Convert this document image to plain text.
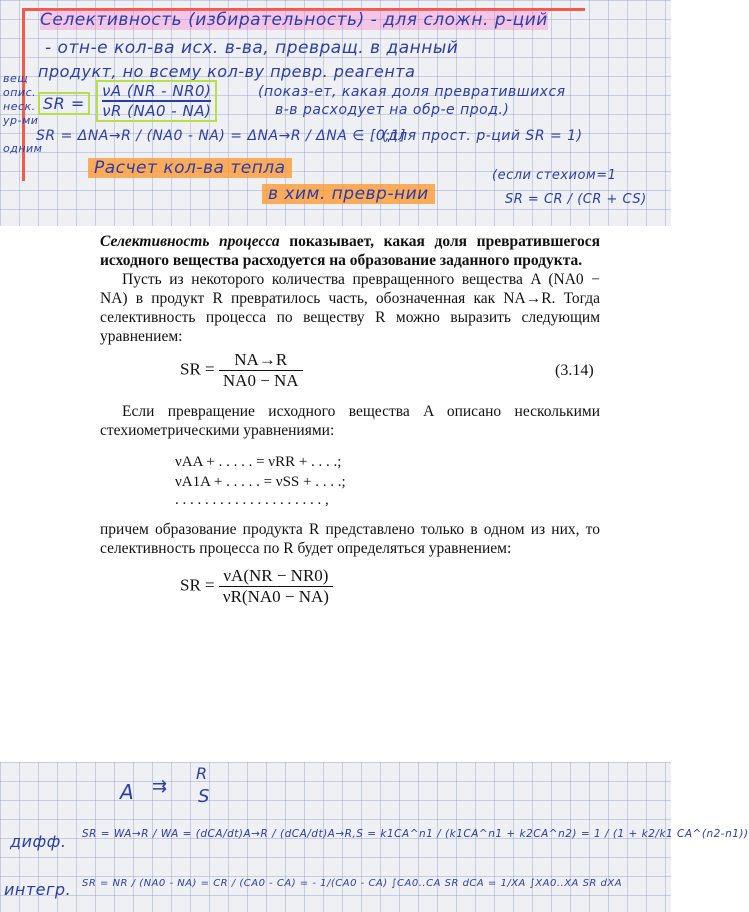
Селективность (избирательность) - для сложн. р-ций
- отн-е кол-ва исх. в-ва, превращ. в данный
продукт, но всему кол-ву превр. реагента
вещ
опис.
неск.
ур-ми
SR = $\frac{\nu A (NR - NR0)}{\nu R (NA0 - NA)}$	(показ-ет, какая доля превратившихся
в-в расходует на обр-е прод.)
одним
SR = ΔNA→R / (NA0 - NA) = ΔNA→R / ΔNA ∈ [0;1]
(для прост. р-ций SR = 1)
Расчет кол-ва тепла
в хим. превр-нии
(если стехиом=1
SR = CR / (CR + CS)
Селективность процесса показывает, какая доля превратившегося исходного вещества расходуется на образование заданного продукта.
Пусть из некоторого количества превращенного вещества A (NA0 − NA) в продукт R превратилось часть, обозначенная как NA→R. Тогда селективность процесса по веществу R можно выразить следующим уравнением:
SR = $\frac{NA\to R}{NA0 - NA}$	(3.14)
Если превращение исходного вещества A описано несколькими стехиометрическими уравнениями:
νAA + . . . . . = νRR + . . . .;
νA1A + . . . . . = νSS + . . . .;
. . . . . . . . . . . . . . . . . . . . ,
причем образование продукта R представлено только в одном из них, то селективность процесса по R будет определяться уравнением:
SR = $\frac{\nu A(NR - NR0)}{\nu R(NA0 - NA)}$
A
R
⇉ S
дифф. SR = WA→R / WA = (dCA/dt)A→R / (dCA/dt)A→R,S = k1CA^n1 / (k1CA^n1 + k2CA^n2) = 1 / (1 + k2/k1 CA^(n2-n1))
интегр. SR = NR / (NA0 - NA) = CR / (CA0 - CA) = - 1/(CA0 - CA) ∫CA0..CA SR dCA = 1/XA ∫XA0..XA SR dXA
